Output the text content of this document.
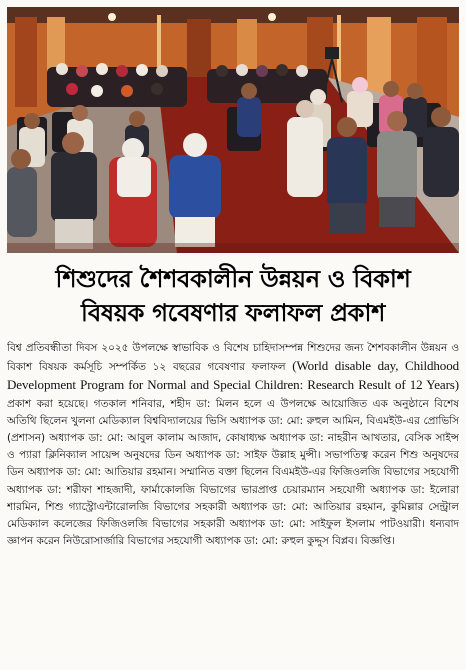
শিশুদের শৈশবকালীন উন্নয়ন ও বিকাশ
বিষয়ক গবেষণার ফলাফল প্রকাশ
বিশ্ব প্রতিবন্ধীতা দিবস ২০২৫ উপলক্ষে স্বাভাবিক ও বিশেষ চাহিদাসম্পন্ন শিশুদের জন্য শৈশবকালীন উন্নয়ন ও বিকাশ বিষয়ক কর্মসূচি সম্পর্কিত ১২ বছরের গবেষণার ফলাফল (World disable day, Childhood Development Program for Normal and Special Children: Research Result of 12 Years) প্রকাশ করা হয়েছে। গতকাল শনিবার, শহীদ ডা: মিলন হলে এ উপলক্ষে আয়োজিত এক অনুষ্ঠানে বিশেষ অতিথি ছিলেন খুলনা মেডিক্যাল বিশ্ববিদ্যালয়ের ভিসি অধ্যাপক ডা: মো: রুহুল আমিন, বিএমইউ-এর প্রোভিসি (প্রশাসন) অধ্যাপক ডা: মো: আবুল কালাম আজাদ, কোষাধ্যক্ষ অধ্যাপক ডা: নাহরীন আখতার, বেসিক সাইন্স ও প্যারা ক্লিনিক্যাল সায়েন্স অনুষদের ডিন অধ্যাপক ডা: সাইফ উল্লাহ মুন্সী। সভাপতিত্ব করেন শিশু অনুষদের ডিন অধ্যাপক ডা: মো: আতিয়ার রহমান। সম্মানিত বক্তা ছিলেন বিএমইউ-এর ফিজিওলজি বিভাগের সহযোগী অধ্যাপক ডা: শরীফা শাহজাদী, ফার্মাকোলজি বিভাগের ভারপ্রাপ্ত চেয়ারম্যান সহযোগী অধ্যাপক ডা: ইলোরা শারমিন, শিশু গ্যাস্ট্রোএন্টারোলজি বিভাগের সহকারী অধ্যাপক ডা: মো: আতিয়ার রহমান, কুমিল্লার সেন্ট্রাল মেডিক্যাল কলেজের ফিজিওলজি বিভাগের সহকারী অধ্যাপক ডা: মো: সাইফুল ইসলাম পাটওয়ারী। ধন্যবাদ জ্ঞাপন করেন নিউরোসার্জারি বিভাগের সহযোগী অধ্যাপক ডা: মো: রুহুল কুদ্দুস বিপ্লব। বিজ্ঞপ্তি।
